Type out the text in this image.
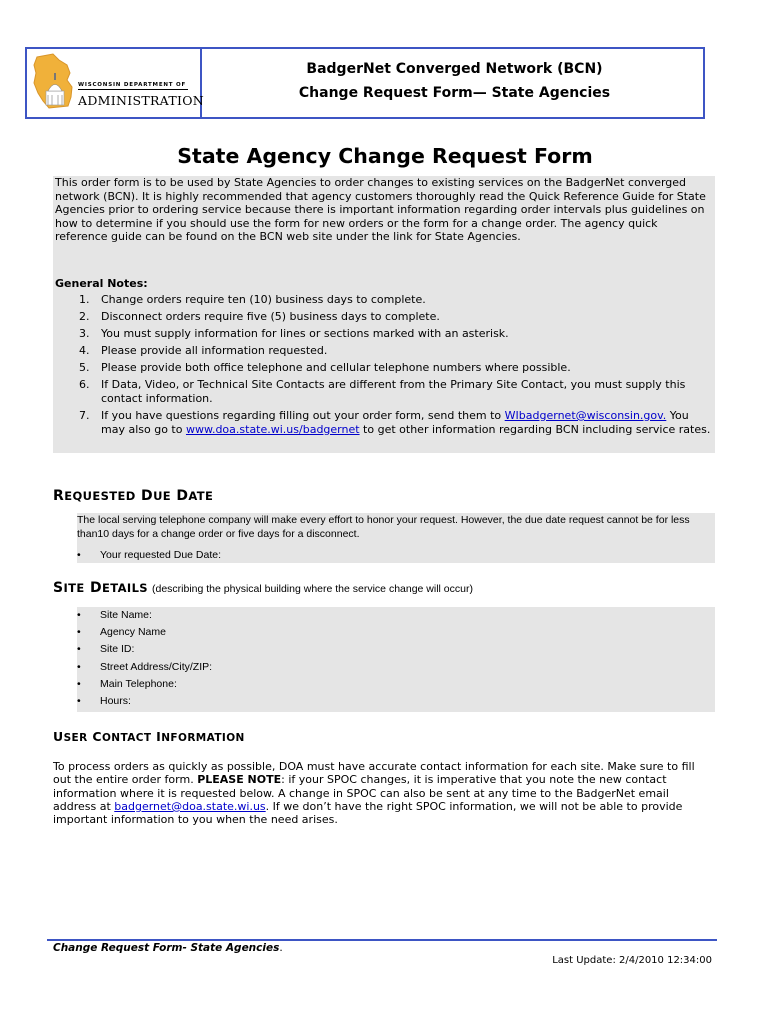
WISCONSIN DEPARTMENT OF
ADMINISTRATION
BadgerNet Converged Network (BCN)
Change Request Form— State Agencies
State Agency Change Request Form

This order form is to be used by State Agencies to order changes to existing services on the BadgerNet converged network (BCN). It is highly recommended that agency customers thoroughly read the Quick Reference Guide for State Agencies prior to ordering service because there is important information regarding order intervals plus guidelines on how to determine if you should use the form for new orders or the form for a change order. The agency quick reference guide can be found on the BCN web site under the link for State Agencies.

General Notes:

1. Change orders require ten (10) business days to complete.
2. Disconnect orders require five (5) business days to complete.
3. You must supply information for lines or sections marked with an asterisk.
4. Please provide all information requested.
5. Please provide both office telephone and cellular telephone numbers where possible.
6. If Data, Video, or Technical Site Contacts are different from the Primary Site Contact, you must supply this contact information.
7. If you have questions regarding filling out your order form, send them to WIbadgernet@wisconsin.gov. You may also go to www.doa.state.wi.us/badgernet to get other information regarding BCN including service rates.
REQUESTED DUE DATE
The local serving telephone company will make every effort to honor your request. However, the due date request cannot be for less than10 days for a change order or five days for a disconnect.
• Your requested Due Date:
SITE DETAILS (describing the physical building where the service change will occur)
• Site Name:
• Agency Name
• Site ID:
• Street Address/City/ZIP:
• Main Telephone:
• Hours:
USER CONTACT INFORMATION
To process orders as quickly as possible, DOA must have accurate contact information for each site. Make sure to fill out the entire order form. PLEASE NOTE: if your SPOC changes, it is imperative that you note the new contact information where it is requested below. A change in SPOC can also be sent at any time to the BadgerNet email address at badgernet@doa.state.wi.us. If we don’t have the right SPOC information, we will not be able to provide important information to you when the need arises.
Change Request Form- State Agencies.
Last Update: 2/4/2010 12:34:00
